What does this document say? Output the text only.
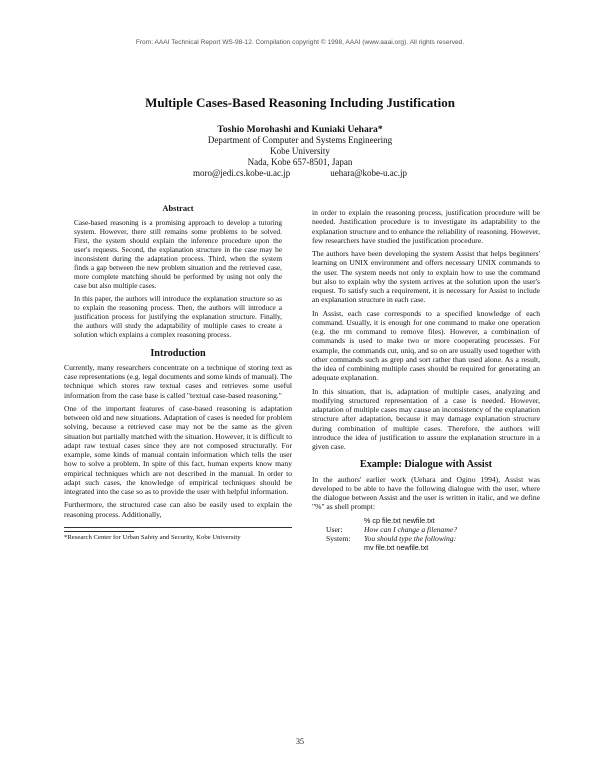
From: AAAI Technical Report WS-98-12. Compilation copyright © 1998, AAAI (www.aaai.org). All rights reserved.
Multiple Cases-Based Reasoning Including Justification
Toshio Morohashi and Kuniaki Uehara*
Department of Computer and Systems Engineering
Kobe University
Nada, Kobe 657-8501, Japan
moro@jedi.cs.kobe-u.ac.jp	uehara@kobe-u.ac.jp
Abstract

Case-based reasoning is a promising approach to develop a tutoring system. However, there still remains some problems to be solved. First, the system should explain the inference procedure upon the user's requests. Second, the explanation structure in the case may be inconsistent during the adaptation process. Third, when the system finds a gap between the new problem situation and the retrieved case, more complete matching should be performed by using not only the case but also multiple cases.

In this paper, the authors will introduce the explanation structure so as to explain the reasoning process. Then, the authors will introduce a justification process for justifying the explanation structure. Finally, the authors will study the adaptability of multiple cases to create a solution which explains a complex reasoning process.

Introduction

Currently, many researchers concentrate on a technique of storing text as case representations (e.g. legal documents and some kinds of manual). The technique which stores raw textual cases and retrieves some useful information from the case base is called "textual case-based reasoning."

One of the important features of case-based reasoning is adaptation between old and new situations. Adaptation of cases is needed for problem solving, because a retrieved case may not be the same as the given situation but partially matched with the situation. However, it is difficult to adapt raw textual cases since they are not composed structurally. For example, some kinds of manual contain information which tells the user how to solve a problem. In spite of this fact, human experts know many empirical techniques which are not described in the manual. In order to adapt such cases, the knowledge of empirical techniques should be integrated into the case so as to provide the user with helpful information.

Furthermore, the structured case can also be easily used to explain the reasoning process. Additionally,

*Research Center for Urban Safety and Security, Kobe University

in order to explain the reasoning process, justification procedure will be needed. Justification procedure is to investigate its adaptability to the explanation structure and to enhance the reliability of reasoning. However, few researchers have studied the justification procedure.

The authors have been developing the system Assist that helps beginners' learning on UNIX environment and offers necessary UNIX commands to the user. The system needs not only to explain how to use the command but also to explain why the system arrives at the solution upon the user's request. To satisfy such a requirement, it is necessary for Assist to include an explanation structure in each case.

In Assist, each case corresponds to a specified knowledge of each command. Usually, it is enough for one command to make one operation (e.g. the rm command to remove files). However, a combination of commands is used to make two or more cooperating processes. For example, the commands cut, uniq, and so on are usually used together with other commands such as grep and sort rather than used alone. As a result, the idea of combining multiple cases should be required for generating an adequate explanation.

In this situation, that is, adaptation of multiple cases, analyzing and modifying structured representation of a case is needed. However, adaptation of multiple cases may cause an inconsistency of the explanation structure after adaptation, because it may damage explanation structure during combination of multiple cases. Therefore, the authors will introduce the idea of justification to assure the explanation structure in a given case.

Example: Dialogue with Assist

In the authors' earlier work (Uehara and Ogino 1994), Assist was developed to be able to have the following dialogue with the user, where the dialogue between Assist and the user is written in italic, and we define "%" as shell prompt:

% cp file.txt newfile.txt
User:	How can I change a filename?
System:	You should type the following:
mv file.txt newfile.txt
35
